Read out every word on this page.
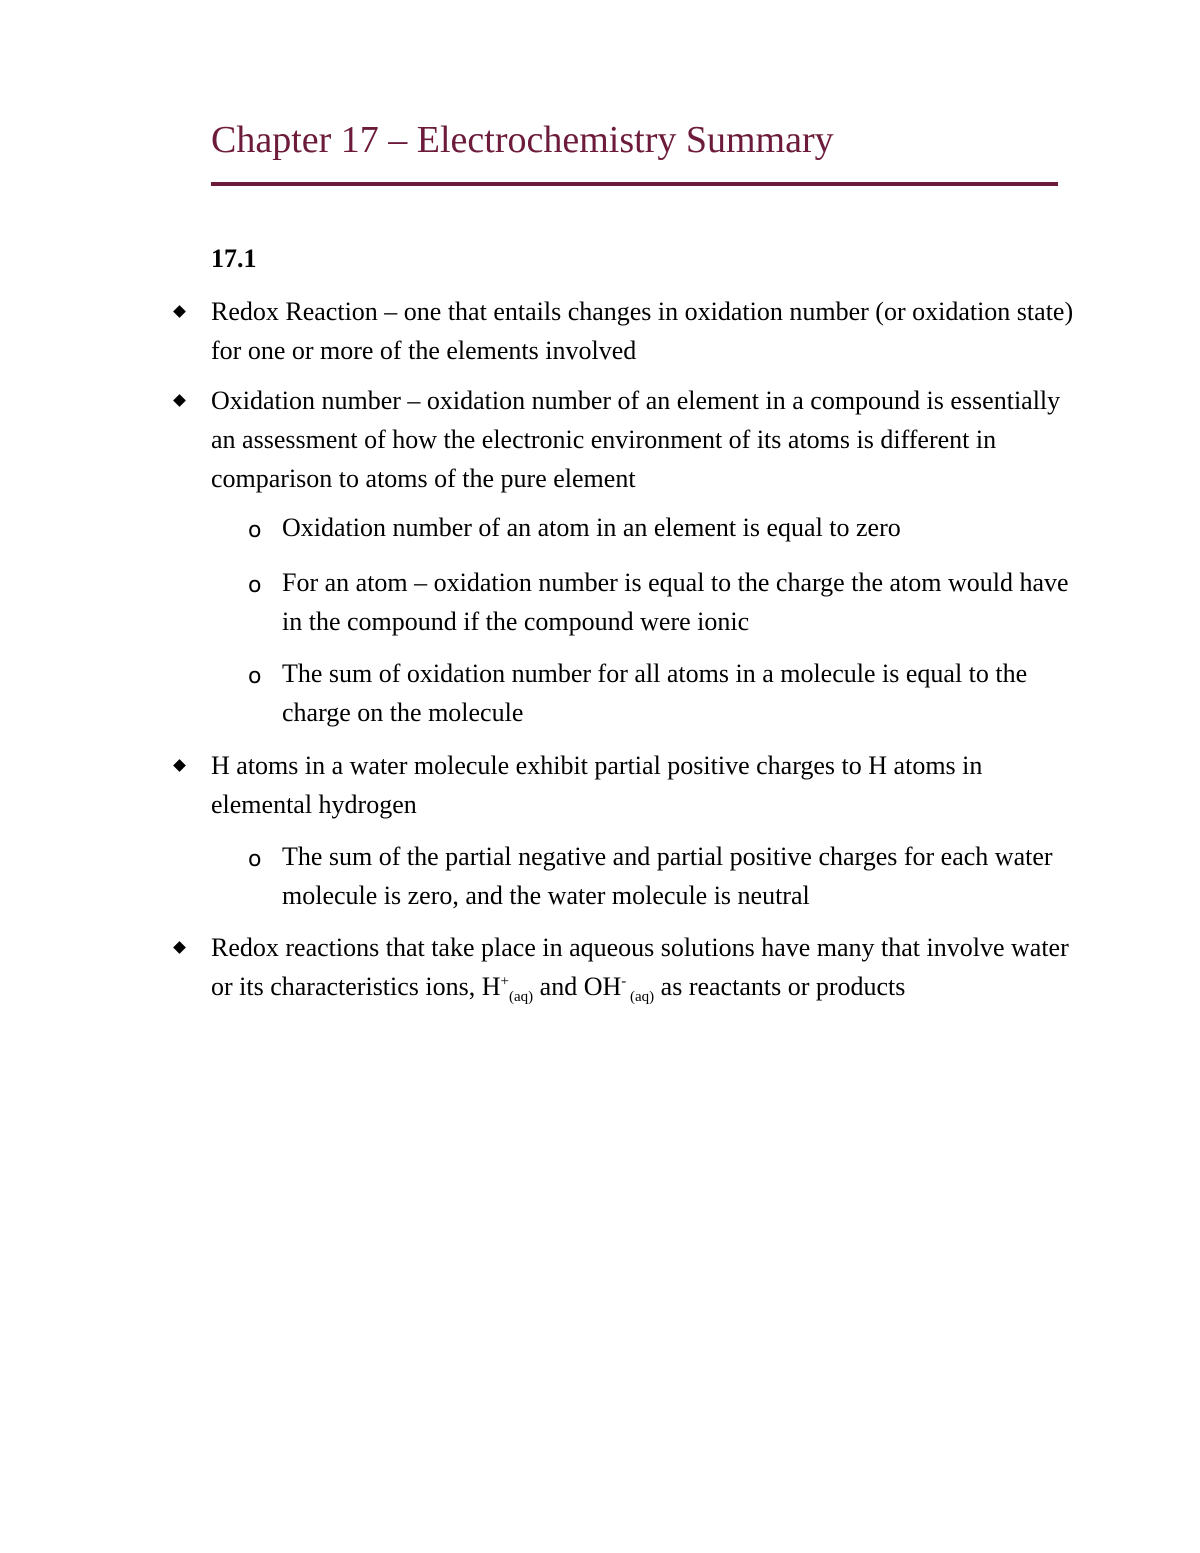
Chapter 17 – Electrochemistry Summary
17.1
Redox Reaction – one that entails changes in oxidation number (or oxidation state) for one or more of the elements involved
Oxidation number – oxidation number of an element in a compound is essentially an assessment of how the electronic environment of its atoms is different in comparison to atoms of the pure element
o Oxidation number of an atom in an element is equal to zero
o For an atom – oxidation number is equal to the charge the atom would have in the compound if the compound were ionic
o The sum of oxidation number for all atoms in a molecule is equal to the charge on the molecule
H atoms in a water molecule exhibit partial positive charges to H atoms in elemental hydrogen
o The sum of the partial negative and partial positive charges for each water molecule is zero, and the water molecule is neutral
Redox reactions that take place in aqueous solutions have many that involve water or its characteristics ions, $H^+_{(aq)}$ and OH- $_{(aq)}$ as reactants or products
